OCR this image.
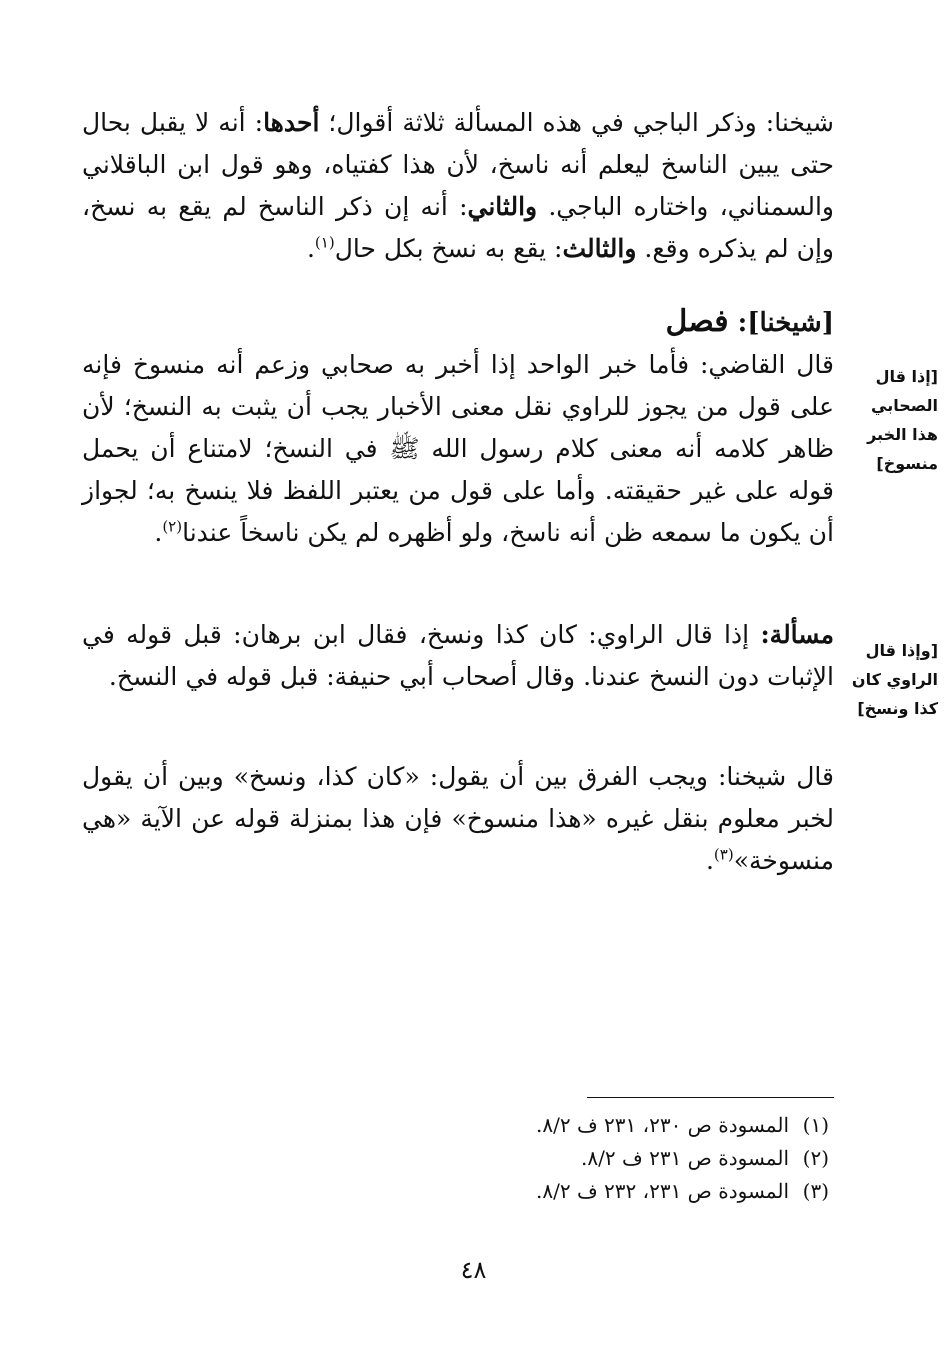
شيخنا: وذكر الباجي في هذه المسألة ثلاثة أقوال؛ أحدها: أنه لا يقبل بحال حتى يبين الناسخ ليعلم أنه ناسخ، لأن هذا كفتياه، وهو قول ابن الباقلاني والسمناني، واختاره الباجي. والثاني: أنه إن ذكر الناسخ لم يقع به نسخ، وإن لم يذكره وقع. والثالث: يقع به نسخ بكل حال$^{(١)}$.

[شيخنا]: فصل
[إذا قال الصحابي هذا الخبر منسوخ]

قال القاضي: فأما خبر الواحد إذا أخبر به صحابي وزعم أنه منسوخ فإنه على قول من يجوز للراوي نقل معنى الأخبار يجب أن يثبت به النسخ؛ لأن ظاهر كلامه أنه معنى كلام رسول الله ﷺ في النسخ؛ لامتناع أن يحمل قوله على غير حقيقته. وأما على قول من يعتبر اللفظ فلا ينسخ به؛ لجواز أن يكون ما سمعه ظن أنه ناسخ، ولو أظهره لم يكن ناسخاً عندنا$^{(٢)}$.

[وإذا قال الراوي كان كذا ونسخ]

مسألة: إذا قال الراوي: كان كذا ونسخ، فقال ابن برهان: قبل قوله في الإثبات دون النسخ عندنا. وقال أصحاب أبي حنيفة: قبل قوله في النسخ.

قال شيخنا: ويجب الفرق بين أن يقول: «كان كذا، ونسخ» وبين أن يقول لخبر معلوم بنقل غيره «هذا منسوخ» فإن هذا بمنزلة قوله عن الآية «هي منسوخة»$^{(٣)}$.

(١)المسودة ص ٢٣٠، ٢٣١ ف ٨/٢.
(٢)المسودة ص ٢٣١ ف ٨/٢.
(٣)المسودة ص ٢٣١، ٢٣٢ ف ٨/٢.
٤٨
